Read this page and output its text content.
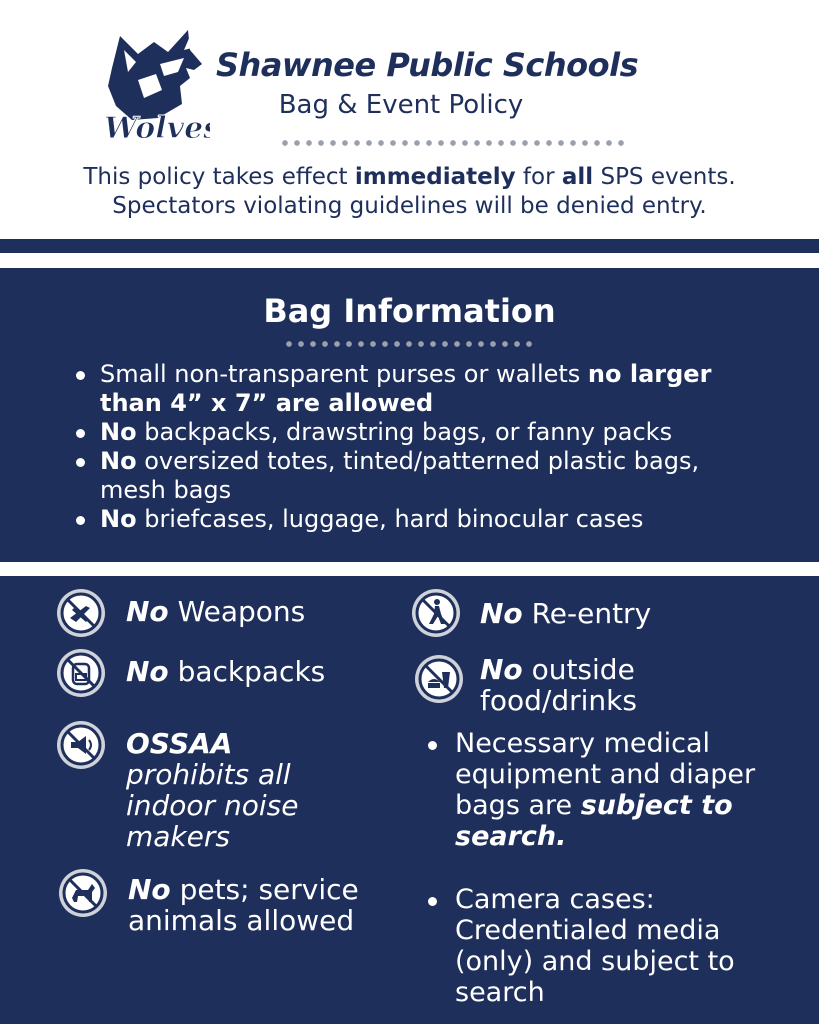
Wolves
Shawnee Public Schools
Bag & Event Policy
This policy takes effect immediately for all SPS events.
Spectators violating guidelines will be denied entry.
Bag Information
Small non-transparent purses or wallets no larger than 4” x 7” are allowed
No backpacks, drawstring bags, or fanny packs
No oversized totes, tinted/patterned plastic bags, mesh bags
No briefcases, luggage, hard binocular cases
No Weapons
No backpacks
OSSAA
prohibits all indoor noise makers
No pets; service animals allowed
No Re-entry
No outside food/drinks
Necessary medical equipment and diaper bags are subject to search.
Camera cases: Credentialed media (only) and subject to search
